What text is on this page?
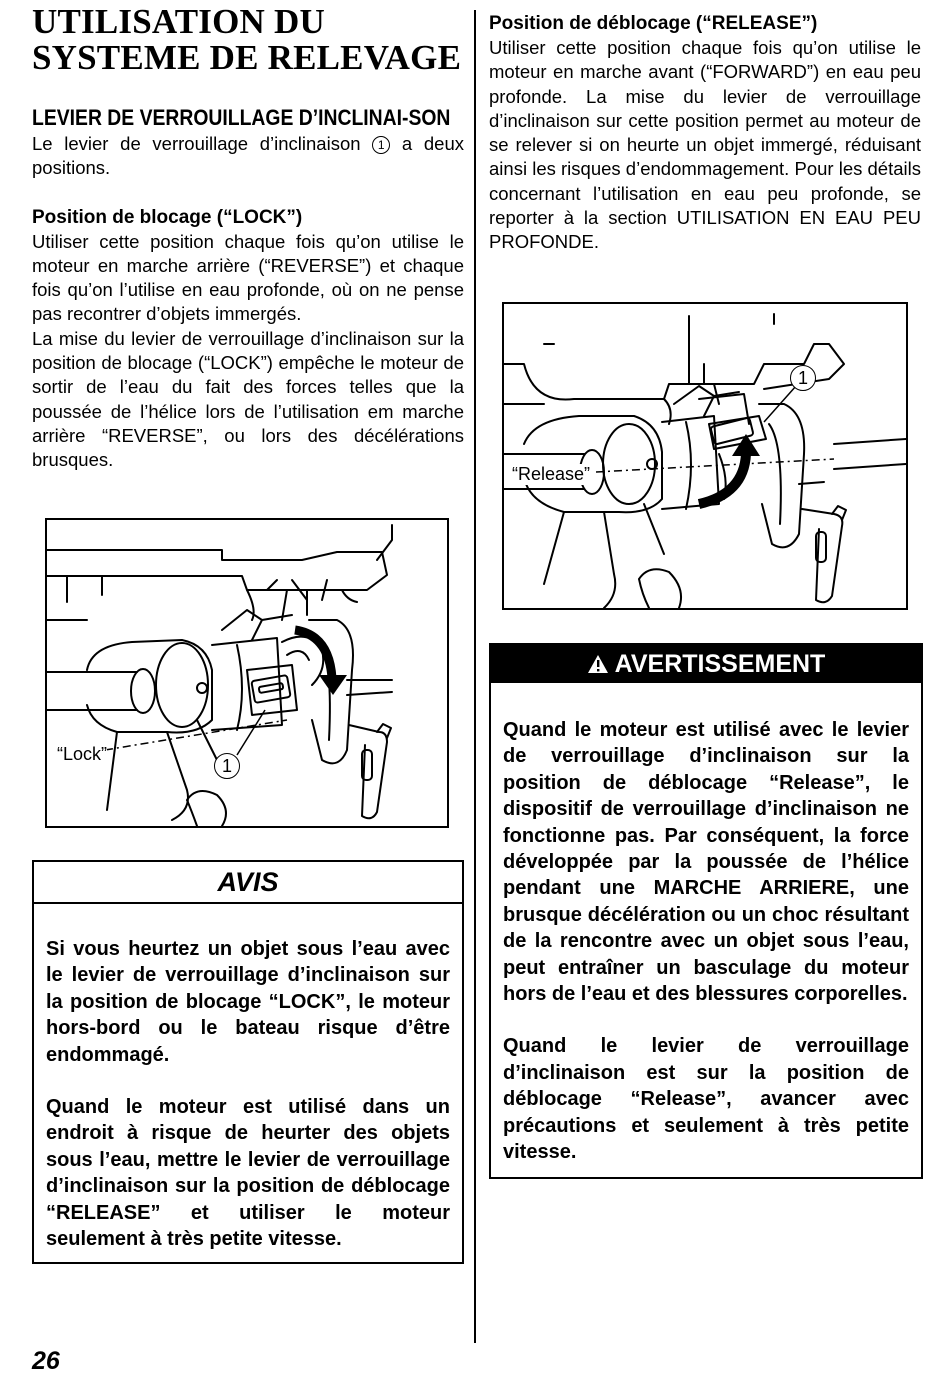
UTILISATION DU
SYSTEME DE RELEVAGE
LEVIER DE VERROUILLAGE D’INCLINAI-SON

Le levier de verrouillage d’inclinaison 1 a deux positions.

Position de blocage (“LOCK”)

Utiliser cette position chaque fois qu’on utilise le moteur en marche arrière (“REVERSE”) et chaque fois qu’on l’utilise en eau profonde, où on ne pense pas recontrer d’objets immergés.

La mise du levier de verrouillage d’inclinaison sur la position de blocage (“LOCK”) empêche le moteur de sortir de l’eau du fait des forces telles que la poussée de l’hélice lors de l’utilisation em marche arrière “REVERSE”, ou lors des décélérations brusques.

“Lock”
1
AVIS

Si vous heurtez un objet sous l’eau avec le levier de verrouillage d’inclinaison sur la position de blocage “LOCK”, le moteur hors-bord ou le bateau risque d’être endommagé.

Quand le moteur est utilisé dans un endroit à risque de heurter des objets sous l’eau, mettre le levier de verrouillage d’inclinaison sur la position de déblocage “RELEASE” et utiliser le moteur seulement à très petite vitesse.

Position de déblocage (“RELEASE”)

Utiliser cette position chaque fois qu’on utilise le moteur en marche avant (“FORWARD”) en eau peu profonde. La mise du levier de verrouillage d’inclinaison sur cette position permet au moteur de se relever si on heurte un objet immergé, réduisant ainsi les risques d’endommagement. Pour les détails concernant l’utilisation en eau peu profonde, se reporter à la section UTILISATION EN EAU PEU PROFONDE.

“Release”
1
AVERTISSEMENT

Quand le moteur est utilisé avec le levier de verrouillage d’inclinaison sur la position de déblocage “Release”, le dispositif de verrouillage d’inclinaison ne fonctionne pas. Par conséquent, la force développée par la poussée de l’hélice pendant une MARCHE ARRIERE, une brusque décélération ou un choc résultant de la rencontre avec un objet sous l’eau, peut entraîner un basculage du moteur hors de l’eau et des blessures corporelles.

Quand le levier de verrouillage d’inclinaison est sur la position de déblocage “Release”, avancer avec précautions et seulement à très petite vitesse.

26
